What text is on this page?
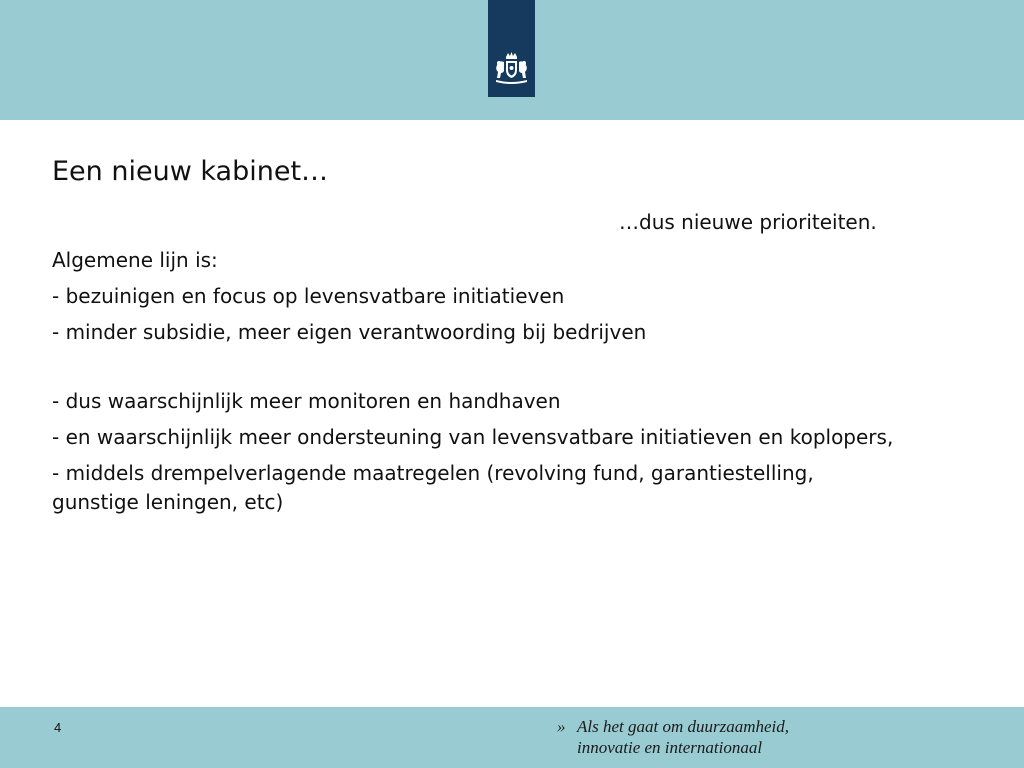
Een nieuw kabinet…
…dus nieuwe prioriteiten.

Algemene lijn is:

- bezuinigen en focus op levensvatbare initiatieven

- minder subsidie, meer eigen verantwoording bij bedrijven

- dus waarschijnlijk meer monitoren en handhaven

- en waarschijnlijk meer ondersteuning van levensvatbare initiatieven en koplopers,

- middels drempelverlagende maatregelen (revolving fund, garantiestelling, gunstige leningen, etc)

4	» Als het gaat om duurzaamheid,
innovatie en internationaal
